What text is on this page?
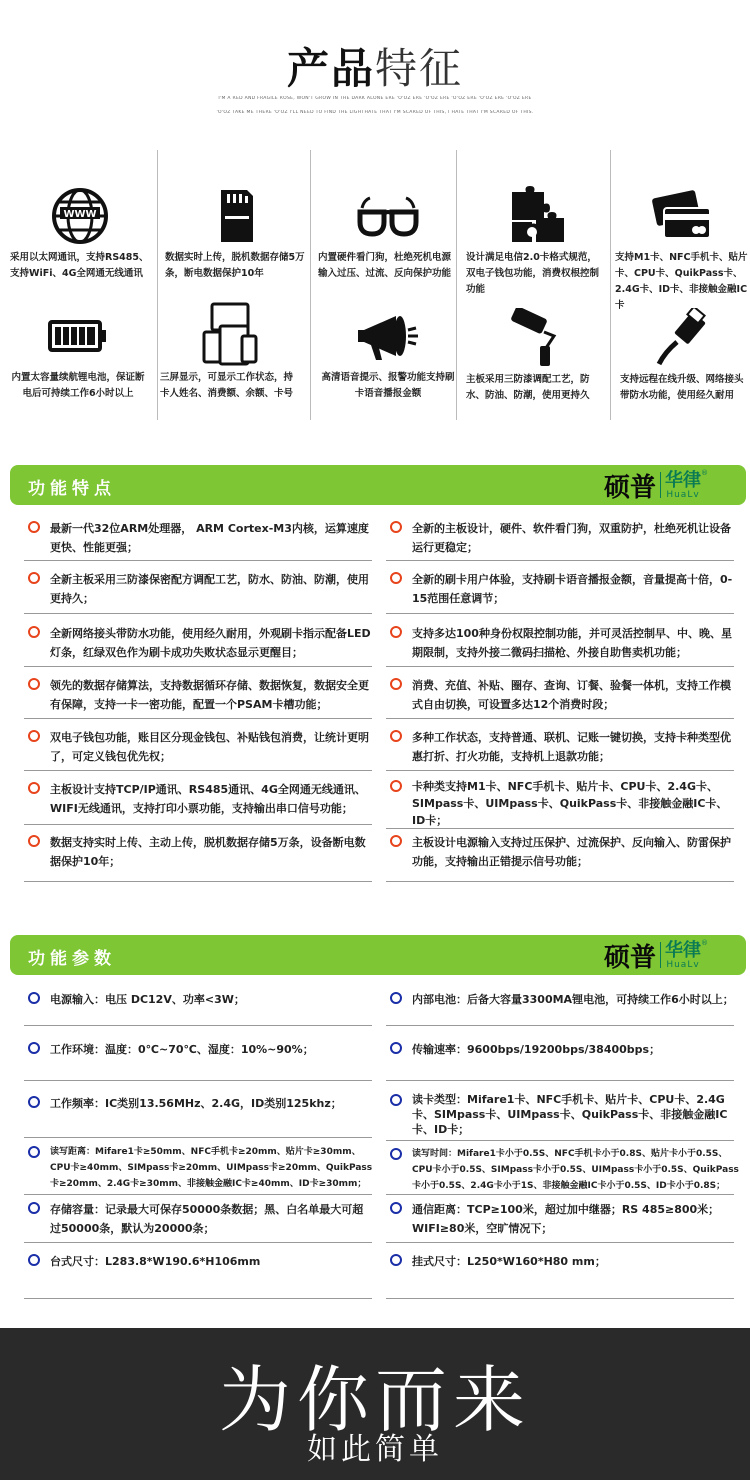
产品特征
I'M A RED AND FRAGILE ROSE, WON'T GROW IN THE DARK ALONE ERE 'O'OZ ERE 'O'OZ ERE 'O'OZ ERE 'O'OZ ERE 'O'OZ ERE
'O'OZ TAKE ME THERE 'O'OZ I'LL NEED TO FIND THE LIGHTHATE THAT I'M SCARED OF THIS, I HATE THAT I'M SCARED OF THIS.
WWW
采用以太网通讯，支持RS485、支持WiFi、4G全网通无线通讯
数据实时上传，脱机数据存储5万条，断电数据保护10年
内置硬件看门狗，杜绝死机电源输入过压、过流、反向保护功能
设计满足电信2.0卡格式规范，双电子钱包功能，消费权根控制功能
支持M1卡、NFC手机卡、贴片卡、CPU卡、QuikPass卡、2.4G卡、ID卡、非接触金融IC卡
内置太容量续航锂电池，保证断电后可持续工作6小时以上
三屏显示，可显示工作状态，持卡人姓名、消费额、余额、卡号
高清语音提示、报警功能支持刷卡语音播报金额
主板采用三防漆调配工艺，防水、防油、防潮，使用更持久
支持远程在线升级、网络接头带防水功能，使用经久耐用
功能特点	硕普 华律
HuaLv
®
最新一代32位ARM处理器， ARM Cortex-M3内核，运算速度更快、性能更强；
全新主板采用三防漆保密配方调配工艺，防水、防油、防潮，使用更持久；
全新网络接头带防水功能，使用经久耐用，外观刷卡指示配备LED灯条，红绿双色作为刷卡成功失败状态显示更醒目；
领先的数据存储算法，支持数据循环存储、数据恢复，数据安全更有保障，支持一卡一密功能，配置一个PSAM卡槽功能；
双电子钱包功能，账目区分现金钱包、补贴钱包消费，让统计更明了，可定义钱包优先权；
主板设计支持TCP/IP通讯、RS485通讯、4G全网通无线通讯、WIFI无线通讯，支持打印小票功能，支持输出串口信号功能；
数据支持实时上传、主动上传，脱机数据存储5万条，设备断电数据保护10年；
全新的主板设计，硬件、软件看门狗，双重防护，杜绝死机让设备运行更稳定；
全新的刷卡用户体验，支持刷卡语音播报金额，音量提高十倍，0-15范围任意调节；
支持多达100种身份权限控制功能，并可灵活控制早、中、晚、星期限制，支持外接二微码扫描枪、外接自助售卖机功能；
消费、充值、补贴、圈存、查询、订餐、验餐一体机，支持工作模式自由切换，可设置多达12个消费时段；
多种工作状态，支持普通、联机、记账一键切换，支持卡种类型优惠打折、打火功能，支持机上退款功能；
卡种类支持M1卡、NFC手机卡、贴片卡、CPU卡、2.4G卡、SIMpass卡、UIMpass卡、QuikPass卡、非接触金融IC卡、ID卡；
主板设计电源输入支持过压保护、过流保护、反向输入、防雷保护功能，支持输出正错提示信号功能；
功能参数	硕普 华律
HuaLv
®
电源输入：电压 DC12V、功率<3W；
工作环境：温度：0℃~70℃、湿度：10%~90%；
工作频率：IC类别13.56MHz、2.4G，ID类别125khz；
读写距离：Mifare1卡≥50mm、NFC手机卡≥20mm、贴片卡≥30mm、CPU卡≥40mm、SIMpass卡≥20mm、UIMpass卡≥20mm、QuikPass卡≥20mm、2.4G卡≥30mm、非接触金融IC卡≥40mm、ID卡≥30mm；
存储容量：记录最大可保存50000条数据；黑、白名单最大可超过50000条，默认为20000条；
台式尺寸：L283.8*W190.6*H106mm
内部电池：后备大容量3300MA锂电池，可持续工作6小时以上；
传输速率：9600bps/19200bps/38400bps；
读卡类型：Mifare1卡、NFC手机卡、贴片卡、CPU卡、2.4G卡、SIMpass卡、UIMpass卡、QuikPass卡、非接触金融IC卡、ID卡；
读写时间：Mifare1卡小于0.5S、NFC手机卡小于0.8S、贴片卡小于0.5S、CPU卡小于0.5S、SIMpass卡小于0.5S、UIMpass卡小于0.5S、QuikPass卡小于0.5S、2.4G卡小于1S、非接触金融IC卡小于0.5S、ID卡小于0.8S；
通信距离：TCP≥100米，超过加中继器；RS 485≥800米；WIFI≥80米，空旷情况下；
挂式尺寸：L250*W160*H80 mm；
为你而来
如此简单
